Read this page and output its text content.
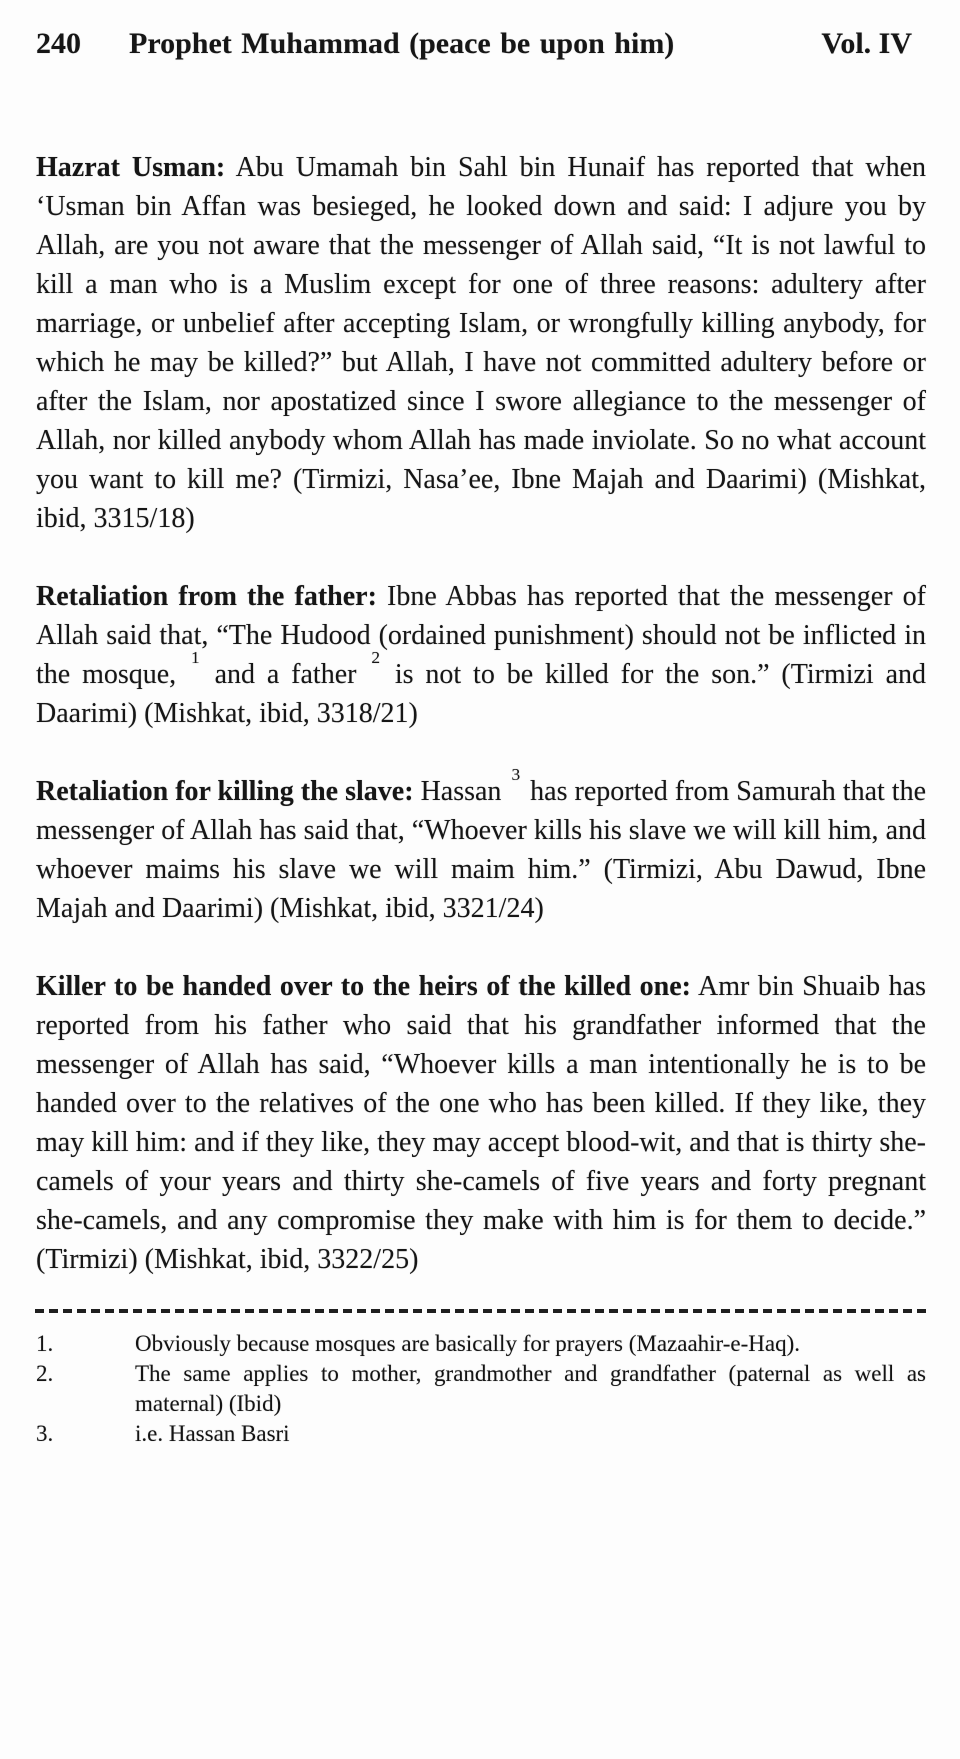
240 Prophet Muhammad (peace be upon him)	Vol. IV

Hazrat Usman: Abu Umamah bin Sahl bin Hunaif has reported that when ‘Usman bin Affan was besieged, he looked down and said: I adjure you by Allah, are you not aware that the messenger of Allah said, “It is not lawful to kill a man who is a Muslim except for one of three reasons: adultery after marriage, or unbelief after accepting Islam, or wrongfully killing anybody, for which he may be killed?” but Allah, I have not committed adultery before or after the Islam, nor apostatized since I swore allegiance to the messenger of Allah, nor killed anybody whom Allah has made inviolate. So no what account you want to kill me? (Tirmizi, Nasa’ee, Ibne Majah and Daarimi) (Mishkat, ibid, 3315/18)

Retaliation from the father: Ibne Abbas has reported that the messenger of Allah said that, “The Hudood (ordained punishment) should not be inflicted in the mosque, $^1$ and a father $^2$ is not to be killed for the son.” (Tirmizi and Daarimi) (Mishkat, ibid, 3318/21)

Retaliation for killing the slave: Hassan $^3$ has reported from Samurah that the messenger of Allah has said that, “Whoever kills his slave we will kill him, and whoever maims his slave we will maim him.” (Tirmizi, Abu Dawud, Ibne Majah and Daarimi) (Mishkat, ibid, 3321/24)

Killer to be handed over to the heirs of the killed one: Amr bin Shuaib has reported from his father who said that his grandfather informed that the messenger of Allah has said, “Whoever kills a man intentionally he is to be handed over to the relatives of the one who has been killed. If they like, they may kill him: and if they like, they may accept blood-wit, and that is thirty she-camels of your years and thirty she-camels of five years and forty pregnant she-camels, and any compromise they make with him is for them to decide.” (Tirmizi) (Mishkat, ibid, 3322/25)

1.	Obviously because mosques are basically for prayers (Mazaahir-e-Haq).
2.	The same applies to mother, grandmother and grandfather (paternal as well as maternal) (Ibid)
3.	i.e. Hassan Basri
